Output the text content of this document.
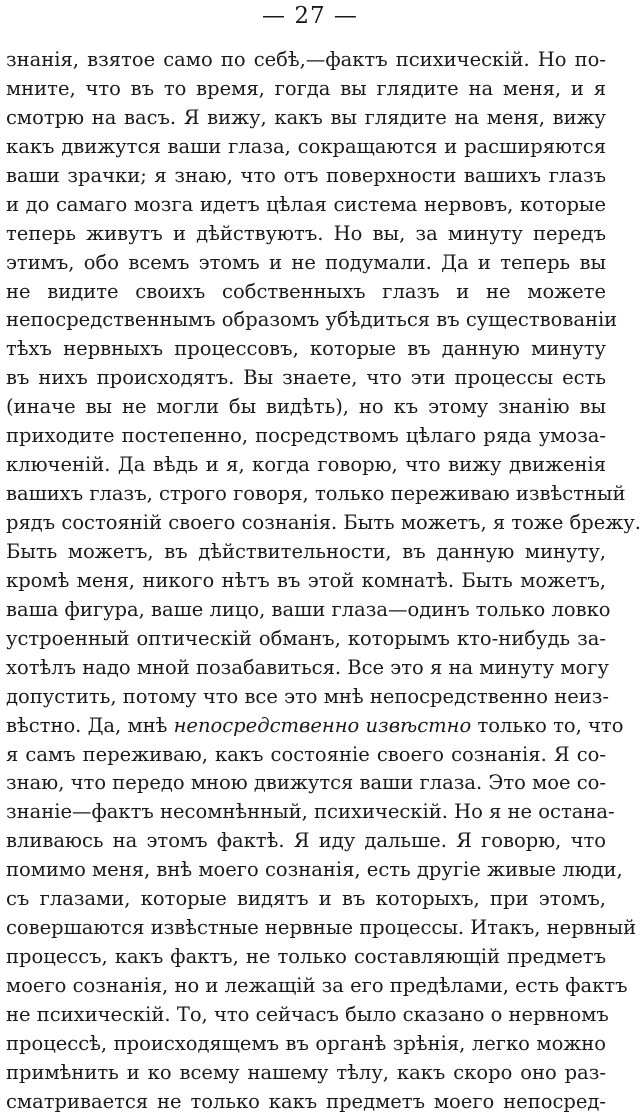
— 27 —
знанія, взятое само по себѣ,—фактъ психическій. Но по-
мните, что въ то время, гогда вы глядите на меня, и я
смотрю на васъ. Я вижу, какъ вы глядите на меня, вижу
какъ движутся ваши глаза, сокращаются и расширяются
ваши зрачки; я знаю, что отъ поверхности вашихъ глазъ
и до самаго мозга идетъ цѣлая система нервовъ, которые
теперь живутъ и дѣйствуютъ. Но вы, за минуту передъ
этимъ, обо всемъ этомъ и не подумали. Да и теперь вы
не видите своихъ собственныхъ глазъ и не можете
непосредственнымъ образомъ убѣдиться въ существованіи
тѣхъ нервныхъ процессовъ, которые въ данную минуту
въ нихъ происходятъ. Вы знаете, что эти процессы есть
(иначе вы не могли бы видѣть), но къ этому знанію вы
приходите постепенно, посредствомъ цѣлаго ряда умоза-
ключеній. Да вѣдь и я, когда говорю, что вижу движенія
вашихъ глазъ, строго говоря, только переживаю извѣстный
рядъ состояній своего сознанія. Быть можетъ, я тоже брежу.
Быть можетъ, въ дѣйствительности, въ данную минуту,
кромѣ меня, никого нѣтъ въ этой комнатѣ. Быть можетъ,
ваша фигура, ваше лицо, ваши глаза—одинъ только ловко
устроенный оптическій обманъ, которымъ кто-нибудь за-
хотѣлъ надо мной позабавиться. Все это я на минуту могу
допустить, потому что все это мнѣ непосредственно неиз-
вѣстно. Да, мнѣ непосредственно извѣстно только то, что
я самъ переживаю, какъ состояніе своего сознанія. Я со-
знаю, что передо мною движутся ваши глаза. Это мое со-
знаніе—фактъ несомнѣнный, психическій. Но я не остана-
вливаюсь на этомъ фактѣ. Я иду дальше. Я говорю, что
помимо меня, внѣ моего сознанія, есть другіе живые люди,
съ глазами, которые видятъ и въ которыхъ, при этомъ,
совершаются извѣстные нервные процессы. Итакъ, нервный
процессъ, какъ фактъ, не только составляющій предметъ
моего сознанія, но и лежащій за его предѣлами, есть фактъ
не психическій. То, что сейчасъ было сказано о нервномъ
процессѣ, происходящемъ въ органѣ зрѣнія, легко можно
примѣнить и ко всему нашему тѣлу, какъ скоро оно раз-
сматривается не только какъ предметъ моего непосред-
